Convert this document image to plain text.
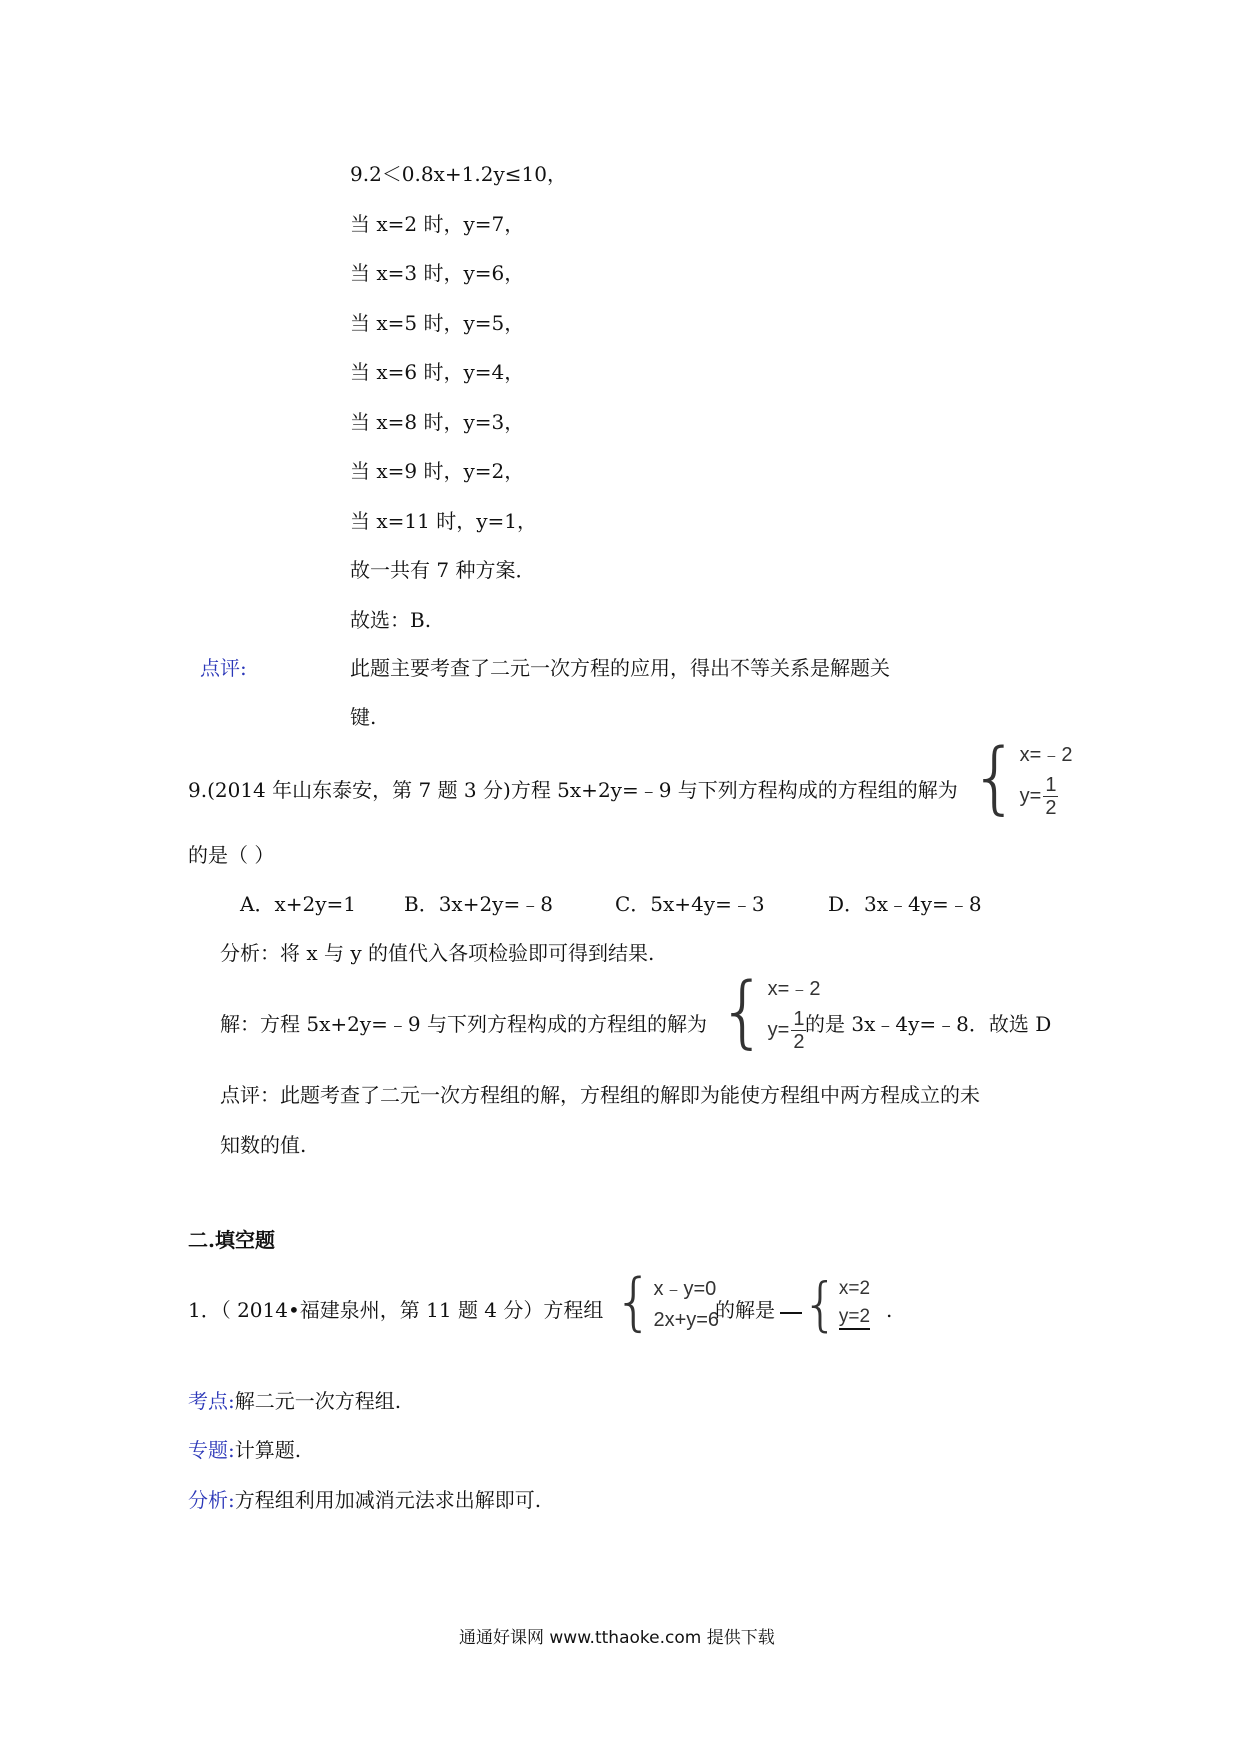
9.2＜0.8x+1.2y≤10，
当 x=2 时，y=7，
当 x=3 时，y=6，
当 x=5 时，y=5，
当 x=6 时，y=4，
当 x=8 时，y=3，
当 x=9 时，y=2，
当 x=11 时，y=1，
故一共有 7 种方案．
故选：B.
点评:	此题主要考查了二元一次方程的应用，得出不等关系是解题关
键.
9.(2014 年山东泰安，第 7 题 3 分)方程 5x+2y=﹣9 与下列方程构成的方程组的解为 { x=﹣2
$y= \frac{1}{2}$
的是（ ）
A．x+2y=1 B．3x+2y=﹣8	C．5x+4y=﹣3	D．3x﹣4y=﹣8
分析：将 x 与 y 的值代入各项检验即可得到结果.
解：方程 5x+2y=﹣9 与下列方程构成的方程组的解为 { x=﹣2
$y= \frac{1}{2}$
的是 3x﹣4y=﹣8．故选 D
点评：此题考查了二元一次方程组的解，方程组的解即为能使方程组中两方程成立的未
知数的值.
二.填空题
1．（ 2014•福建泉州，第 11 题 4 分）方程组 { x﹣y=0
2x+y=6
的解是 { x=2
y=2 .
考点:解二元一次方程组.
专题:计算题.
分析:方程组利用加减消元法求出解即可.
通通好课网 www.tthaoke.com 提供下载
